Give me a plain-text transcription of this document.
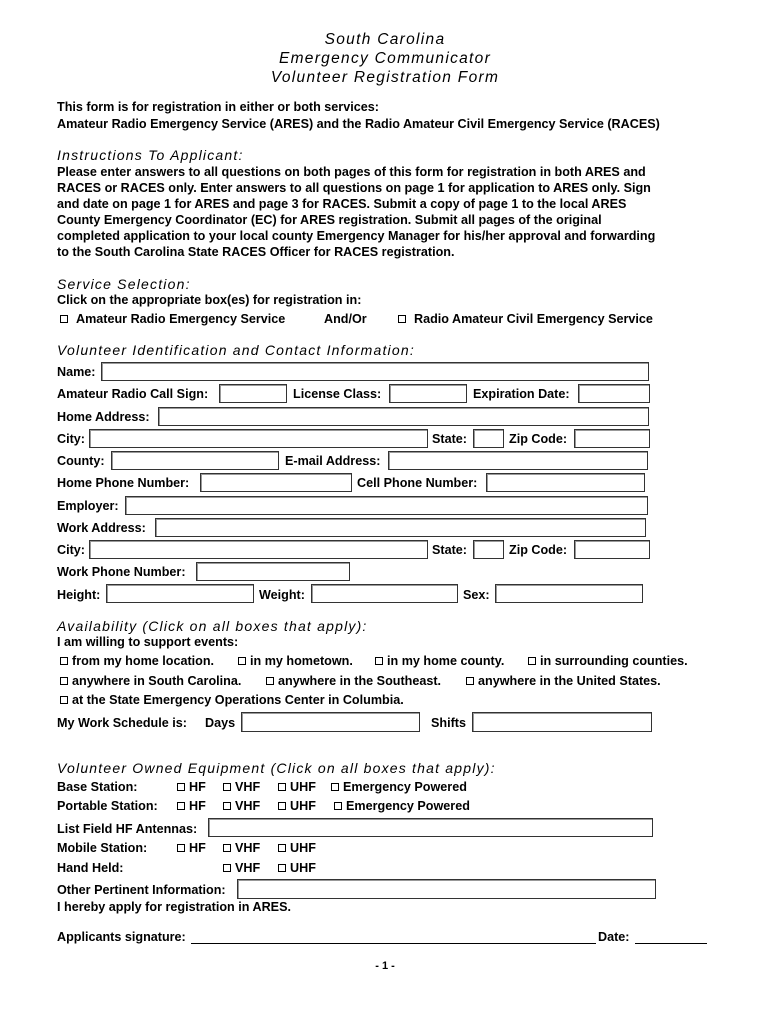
South Carolina
Emergency Communicator
Volunteer Registration Form
This form is for registration in either or both services:
Amateur Radio Emergency Service (ARES) and the Radio Amateur Civil Emergency Service (RACES)
Instructions To Applicant:
Please enter answers to all questions on both pages of this form for registration in both ARES and
RACES or RACES only. Enter answers to all questions on page 1 for application to ARES only. Sign
and date on page 1 for ARES and page 3 for RACES. Submit a copy of page 1 to the local ARES
County Emergency Coordinator (EC) for ARES registration. Submit all pages of the original
completed application to your local county Emergency Manager for his/her approval and forwarding
to the South Carolina State RACES Officer for RACES registration.
Service Selection:
Click on the appropriate box(es) for registration in:
Amateur Radio Emergency Service	And/Or	Radio Amateur Civil Emergency Service
Volunteer Identification and Contact Information:
Name:
Amateur Radio Call Sign:	License Class:	Expiration Date:
Home Address:
City:	State:	Zip Code:
County:	E-mail Address:
Home Phone Number:	Cell Phone Number:
Employer:
Work Address:
City:	State:	Zip Code:
Work Phone Number:
Height:	Weight:	Sex:
Availability (Click on all boxes that apply):
I am willing to support events:
from my home location.	in my hometown.	in my home county.	in surrounding counties.
anywhere in South Carolina.	anywhere in the Southeast.	anywhere in the United States.
at the State Emergency Operations Center in Columbia.
My Work Schedule is: Days	Shifts
Volunteer Owned Equipment (Click on all boxes that apply):
Base Station:	HF	VHF	UHF	Emergency Powered
Portable Station:	HF	VHF	UHF	Emergency Powered
List Field HF Antennas:
Mobile Station:	HF	VHF	UHF
Hand Held:	VHF	UHF
Other Pertinent Information:
I hereby apply for registration in ARES.
Applicants signature:	Date:
- 1 -
